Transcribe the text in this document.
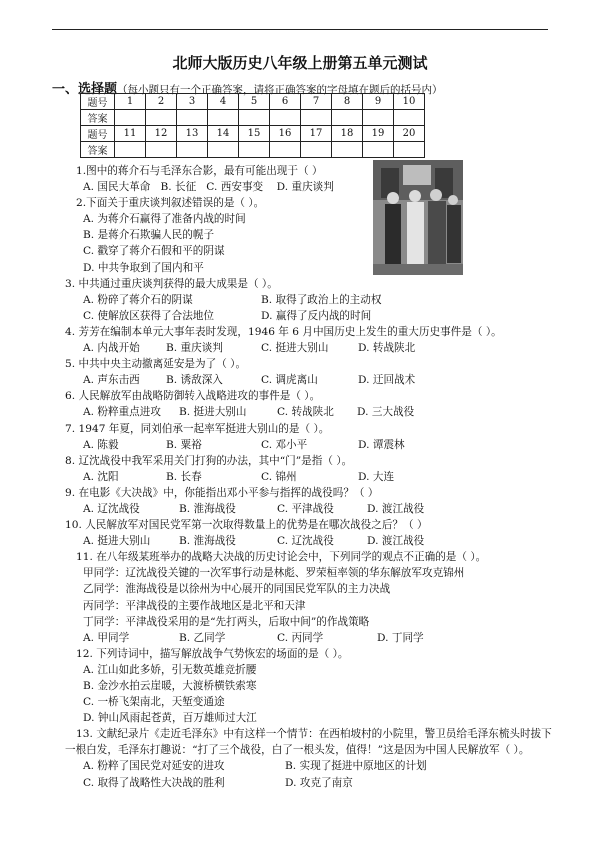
北师大版历史八年级上册第五单元测试
一、选择题（每小题只有一个正确答案，请将正确答案的字母填在题后的括号内）
题号	1	2	3	4	5	6	7	8	9	10
答案										
题号	11	12	13	14	15	16	17	18	19	20
答案										
1.图中的蒋介石与毛泽东合影，最有可能出现于（ ）
A. 国民大革命 B. 长征 C. 西安事变 D. 重庆谈判
2.下面关于重庆谈判叙述错误的是（ ）。
A. 为蒋介石赢得了准备内战的时间
B. 是蒋介石欺骗人民的幌子
C. 戳穿了蒋介石假和平的阴谋
D. 中共争取到了国内和平
3. 中共通过重庆谈判获得的最大成果是（ ）。
A. 粉碎了蒋介石的阴谋	B. 取得了政治上的主动权
C. 使解放区获得了合法地位	D. 赢得了反内战的时间
4. 芳芳在编制本单元大事年表时发现，1946 年 6 月中国历史上发生的重大历史事件是（ ）。
A. 内战开始 B. 重庆谈判	C. 挺进大别山	D. 转战陕北
5. 中共中央主动撤离延安是为了（ ）。
A. 声东击西 B. 诱敌深入	C. 调虎离山	D. 迂回战术
6. 人民解放军由战略防御转入战略进攻的事件是（ ）。
A. 粉粹重点进攻 B. 挺进大别山	C. 转战陕北 D. 三大战役
7. 1947 年夏，同刘伯承一起率军挺进大别山的是（ ）。
A. 陈毅	B. 粟裕	C. 邓小平	D. 谭震林
8. 辽沈战役中我军采用关门打狗的办法，其中“门”是指（ ）。
A. 沈阳	B. 长春	C. 锦州	D. 大连
9. 在电影《大决战》中，你能指出邓小平参与指挥的战役吗？（ ）
A. 辽沈战役	B. 淮海战役	C. 平津战役	D. 渡江战役
10. 人民解放军对国民党军第一次取得数量上的优势是在哪次战役之后？（ ）
A. 挺进大别山	B. 淮海战役	C. 辽沈战役	D. 渡江战役
11. 在八年级某班举办的战略大决战的历史讨论会中，下列同学的观点不正确的是（ ）。
甲同学：辽沈战役关键的一次军事行动是林彪、罗荣桓率领的华东解放军攻克锦州
乙同学：淮海战役是以徐州为中心展开的同国民党军队的主力决战
丙同学：平津战役的主要作战地区是北平和天津
丁同学：平津战役采用的是“先打两头，后取中间”的作战策略
A. 甲同学	B. 乙同学	C. 丙同学	D. 丁同学
12. 下列诗词中，描写解放战争气势恢宏的场面的是（ ）。
A. 江山如此多娇，引无数英雄竞折腰
B. 金沙水拍云崖暖，大渡桥横铁索寒
C. 一桥飞架南北，天堑变通途
D. 钟山风雨起苍黄，百万雄师过大江
13. 文献纪录片《走近毛泽东》中有这样一个情节：在西柏坡村的小院里，警卫员给毛泽东梳头时拔下
一根白发，毛泽东打趣说：“打了三个战役，白了一根头发，值得！”这是因为中国人民解放军（ ）。
A. 粉粹了国民党对延安的进攻	B. 实现了挺进中原地区的计划
C. 取得了战略性大决战的胜利	D. 攻克了南京
